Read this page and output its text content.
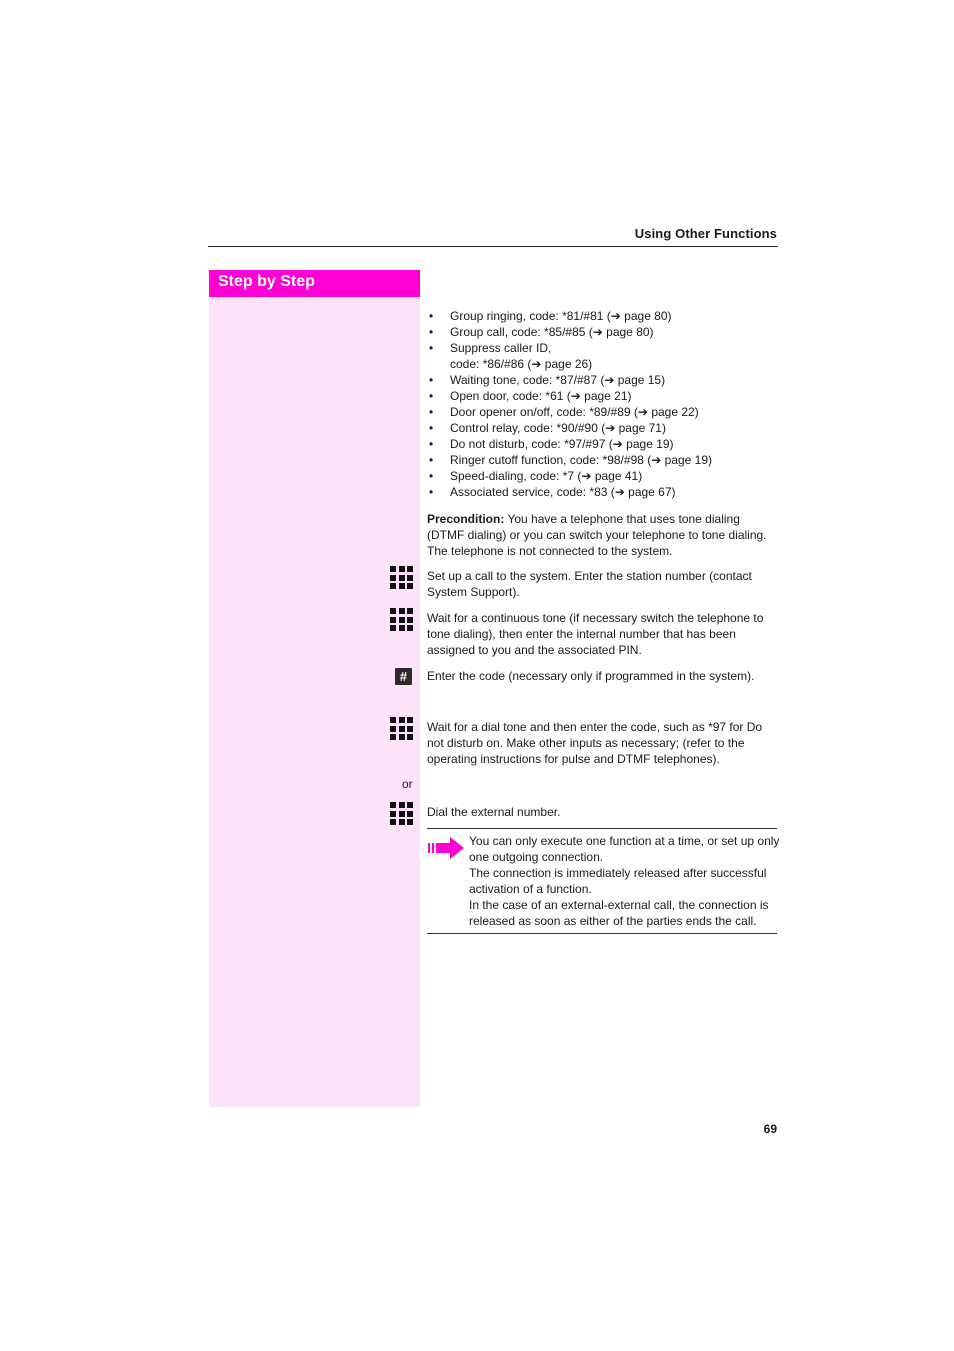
Using Other Functions
Step by Step
• Group ringing, code: *81/#81 (➔ page 80)
• Group call, code: *85/#85 (➔ page 80)
• Suppress caller ID,
code: *86/#86 (➔ page 26)
• Waiting tone, code: *87/#87 (➔ page 15)
• Open door, code: *61 (➔ page 21)
• Door opener on/off, code: *89/#89 (➔ page 22)
• Control relay, code: *90/#90 (➔ page 71)
• Do not disturb, code: *97/#97 (➔ page 19)
• Ringer cutoff function, code: *98/#98 (➔ page 19)
• Speed-dialing, code: *7 (➔ page 41)
• Associated service, code: *83 (➔ page 67)
Precondition: You have a telephone that uses tone dialing (DTMF dialing) or you can switch your telephone to tone dialing. The telephone is not connected to the system.
Set up a call to the system. Enter the station number (contact System Support).
Wait for a continuous tone (if necessary switch the telephone to tone dialing), then enter the internal number that has been assigned to you and the associated PIN.
#	Enter the code (necessary only if programmed in the system).
Wait for a dial tone and then enter the code, such as *97 for Do not disturb on. Make other inputs as necessary; (refer to the operating instructions for pulse and DTMF telephones).
or
Dial the external number.
You can only execute one function at a time, or set up only one outgoing connection.
The connection is immediately released after successful activation of a function.
In the case of an external-external call, the connection is released as soon as either of the parties ends the call.
69
